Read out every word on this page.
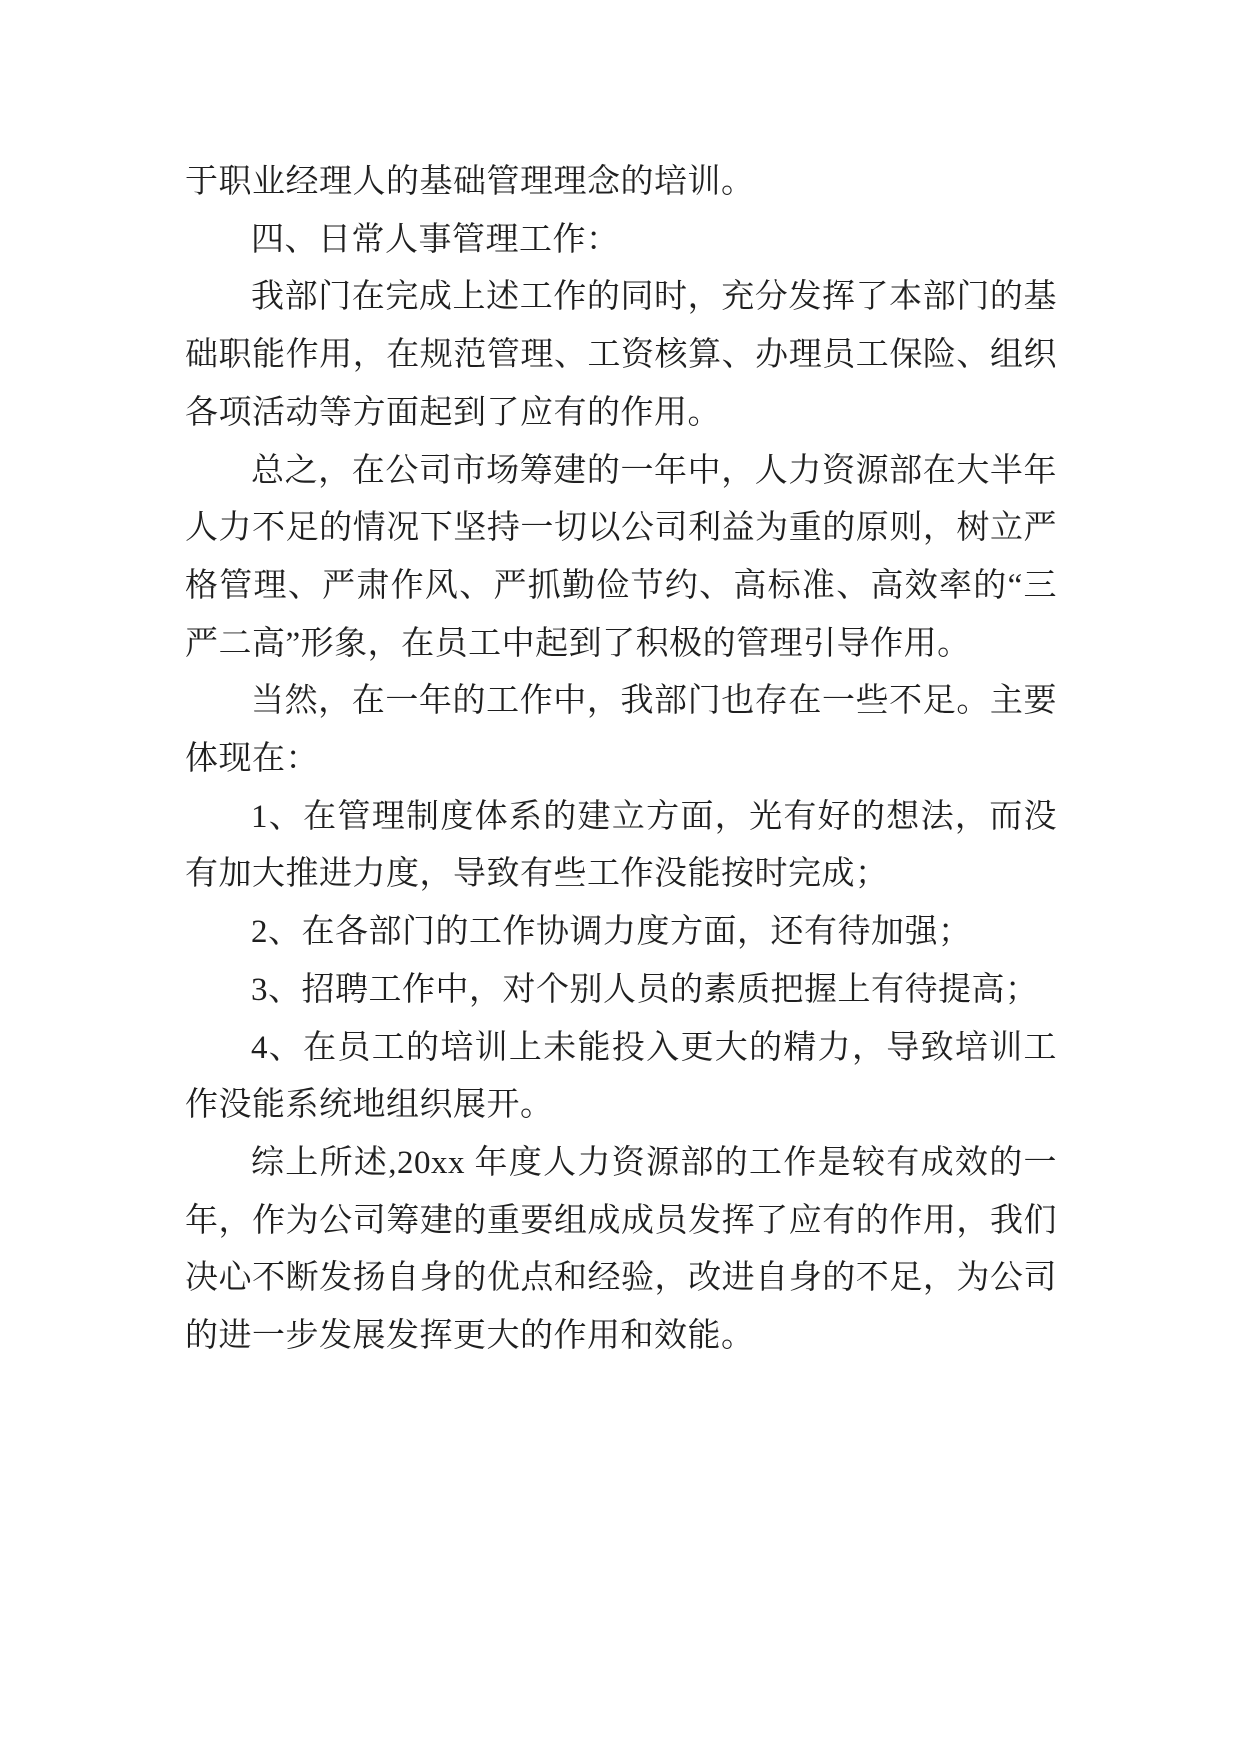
于职业经理人的基础管理理念的培训。

四、日常人事管理工作：

我部门在完成上述工作的同时，充分发挥了本部门的基础职能作用，在规范管理、工资核算、办理员工保险、组织各项活动等方面起到了应有的作用。

总之，在公司市场筹建的一年中，人力资源部在大半年人力不足的情况下坚持一切以公司利益为重的原则，树立严格管理、严肃作风、严抓勤俭节约、高标准、高效率的“三严二高”形象，在员工中起到了积极的管理引导作用。

当然，在一年的工作中，我部门也存在一些不足。主要体现在：

1、在管理制度体系的建立方面，光有好的想法，而没有加大推进力度，导致有些工作没能按时完成；

2、在各部门的工作协调力度方面，还有待加强；

3、招聘工作中，对个别人员的素质把握上有待提高；

4、在员工的培训上未能投入更大的精力，导致培训工作没能系统地组织展开。

综上所述,20xx 年度人力资源部的工作是较有成效的一年，作为公司筹建的重要组成成员发挥了应有的作用，我们决心不断发扬自身的优点和经验，改进自身的不足，为公司的进一步发展发挥更大的作用和效能。
